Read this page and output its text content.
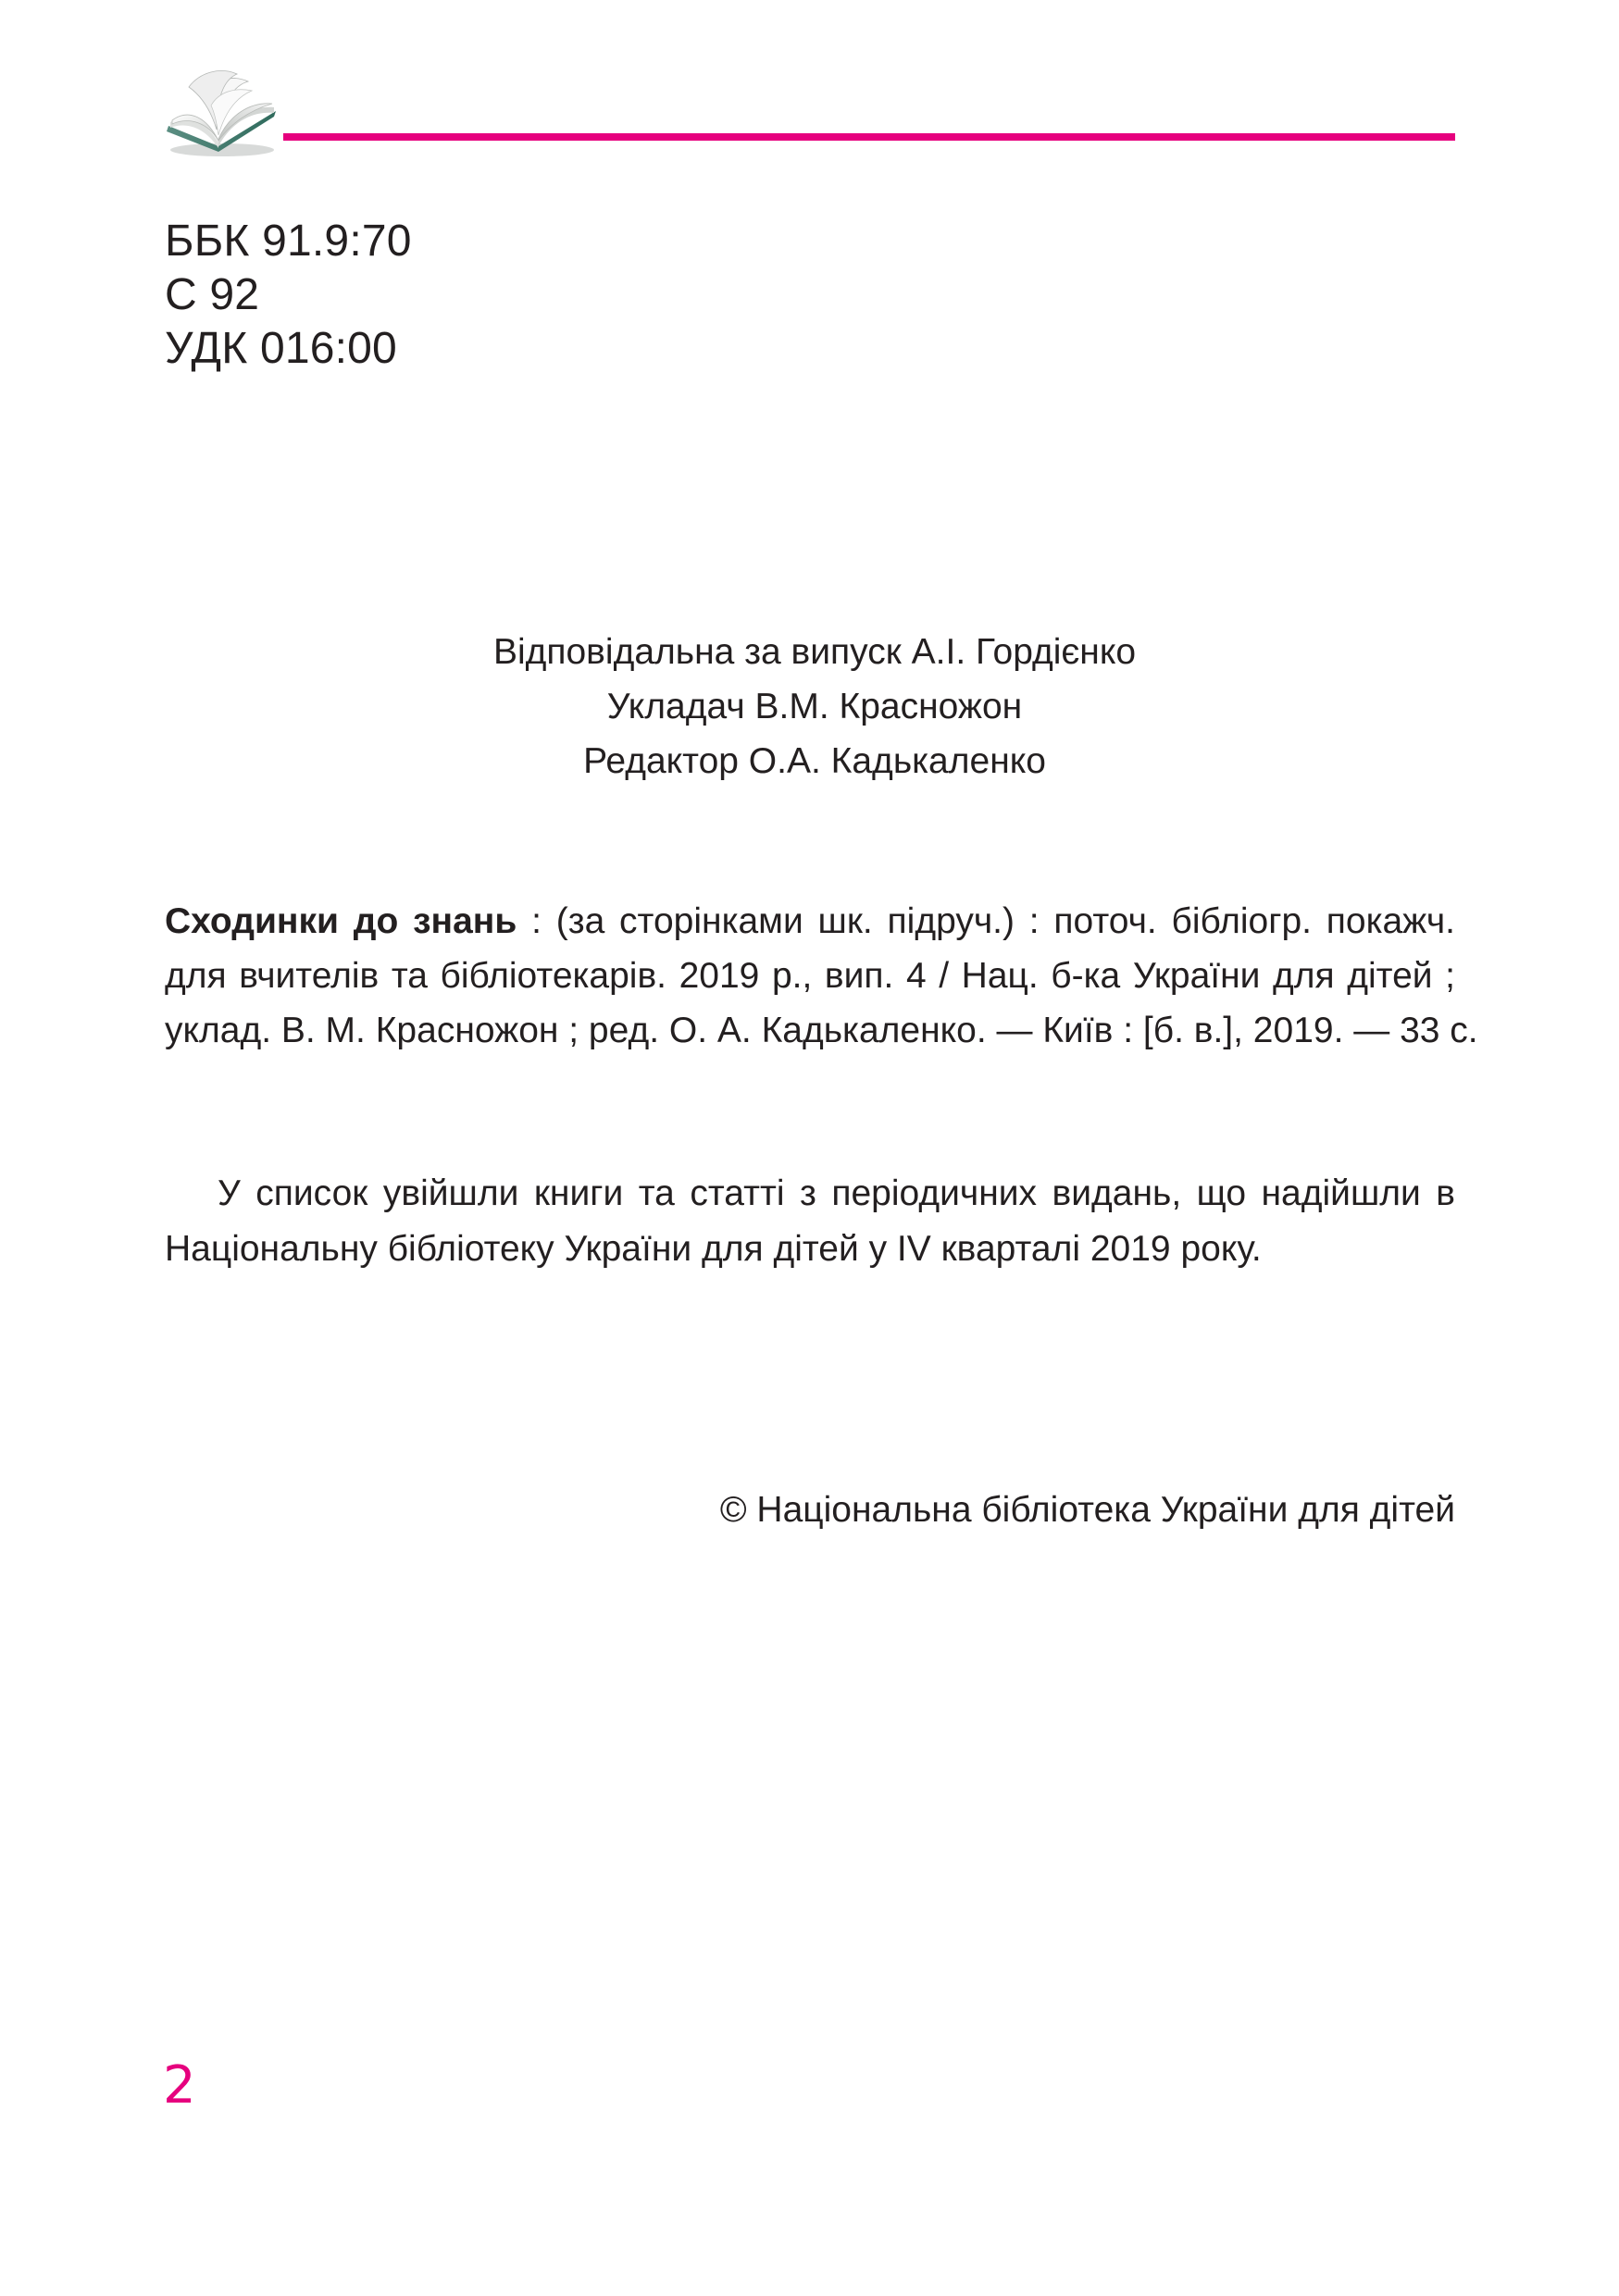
ББК 91.9:70
С 92
УДК 016:00
Відповідальна за випуск А.І. Гордієнко
Укладач В.М. Красножон
Редактор О.А. Кадькаленко
Сходинки до знань : (за сторінками шк. підруч.) : поточ. бібліогр. покажч.
для вчителів та бібліотекарів. 2019 р., вип. 4 / Нац. б-ка України для дітей ;
уклад. В. М. Красножон ; ред. О. А. Кадькаленко. — Київ : [б. в.], 2019. — 33 с.
У список увійшли книги та статті з періодичних видань, що надійшли в
Національну бібліотеку України для дітей у IV кварталі 2019 року.
© Національна бібліотека України для дітей
2
